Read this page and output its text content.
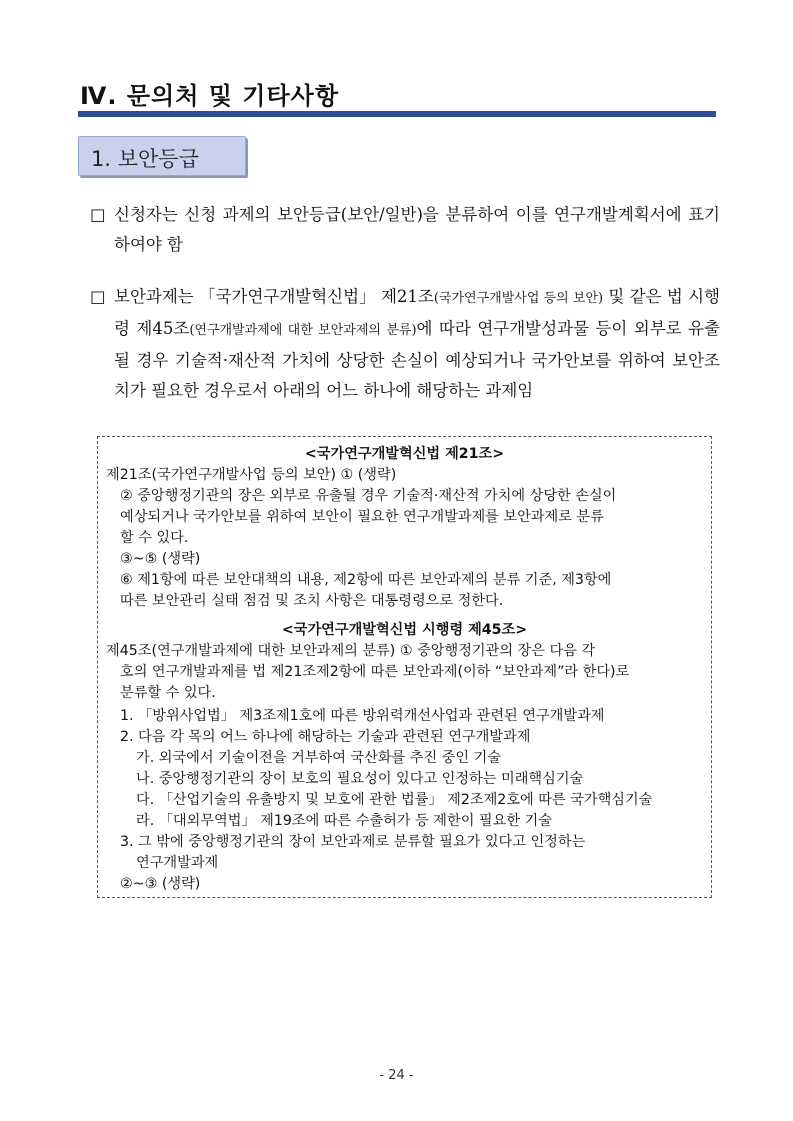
Ⅳ. 문의처 및 기타사항
1. 보안등급
□ 신청자는 신청 과제의 보안등급(보안/일반)을 분류하여 이를 연구개발계획서에 표기하여야 함
□ 보안과제는 「국가연구개발혁신법」 제21조(국가연구개발사업 등의 보안) 및 같은 법 시행령 제45조(연구개발과제에 대한 보안과제의 분류)에 따라 연구개발성과물 등이 외부로 유출될 경우 기술적·재산적 가치에 상당한 손실이 예상되거나 국가안보를 위하여 보안조치가 필요한 경우로서 아래의 어느 하나에 해당하는 과제임
<국가연구개발혁신법 제21조>
제21조(국가연구개발사업 등의 보안) ① (생략)
② 중앙행정기관의 장은 외부로 유출될 경우 기술적·재산적 가치에 상당한 손실이
예상되거나 국가안보를 위하여 보안이 필요한 연구개발과제를 보안과제로 분류
할 수 있다.
③~⑤ (생략)
⑥ 제1항에 따른 보안대책의 내용, 제2항에 따른 보안과제의 분류 기준, 제3항에
따른 보안관리 실태 점검 및 조치 사항은 대통령령으로 정한다.
<국가연구개발혁신법 시행령 제45조>
제45조(연구개발과제에 대한 보안과제의 분류) ① 중앙행정기관의 장은 다음 각
호의 연구개발과제를 법 제21조제2항에 따른 보안과제(이하 “보안과제”라 한다)로
분류할 수 있다.
1. 「방위사업법」 제3조제1호에 따른 방위력개선사업과 관련된 연구개발과제
2. 다음 각 목의 어느 하나에 해당하는 기술과 관련된 연구개발과제
가. 외국에서 기술이전을 거부하여 국산화를 추진 중인 기술
나. 중앙행정기관의 장이 보호의 필요성이 있다고 인정하는 미래핵심기술
다. 「산업기술의 유출방지 및 보호에 관한 법률」 제2조제2호에 따른 국가핵심기술
라. 「대외무역법」 제19조에 따른 수출허가 등 제한이 필요한 기술
3. 그 밖에 중앙행정기관의 장이 보안과제로 분류할 필요가 있다고 인정하는
연구개발과제
②~③ (생략)
- 24 -
